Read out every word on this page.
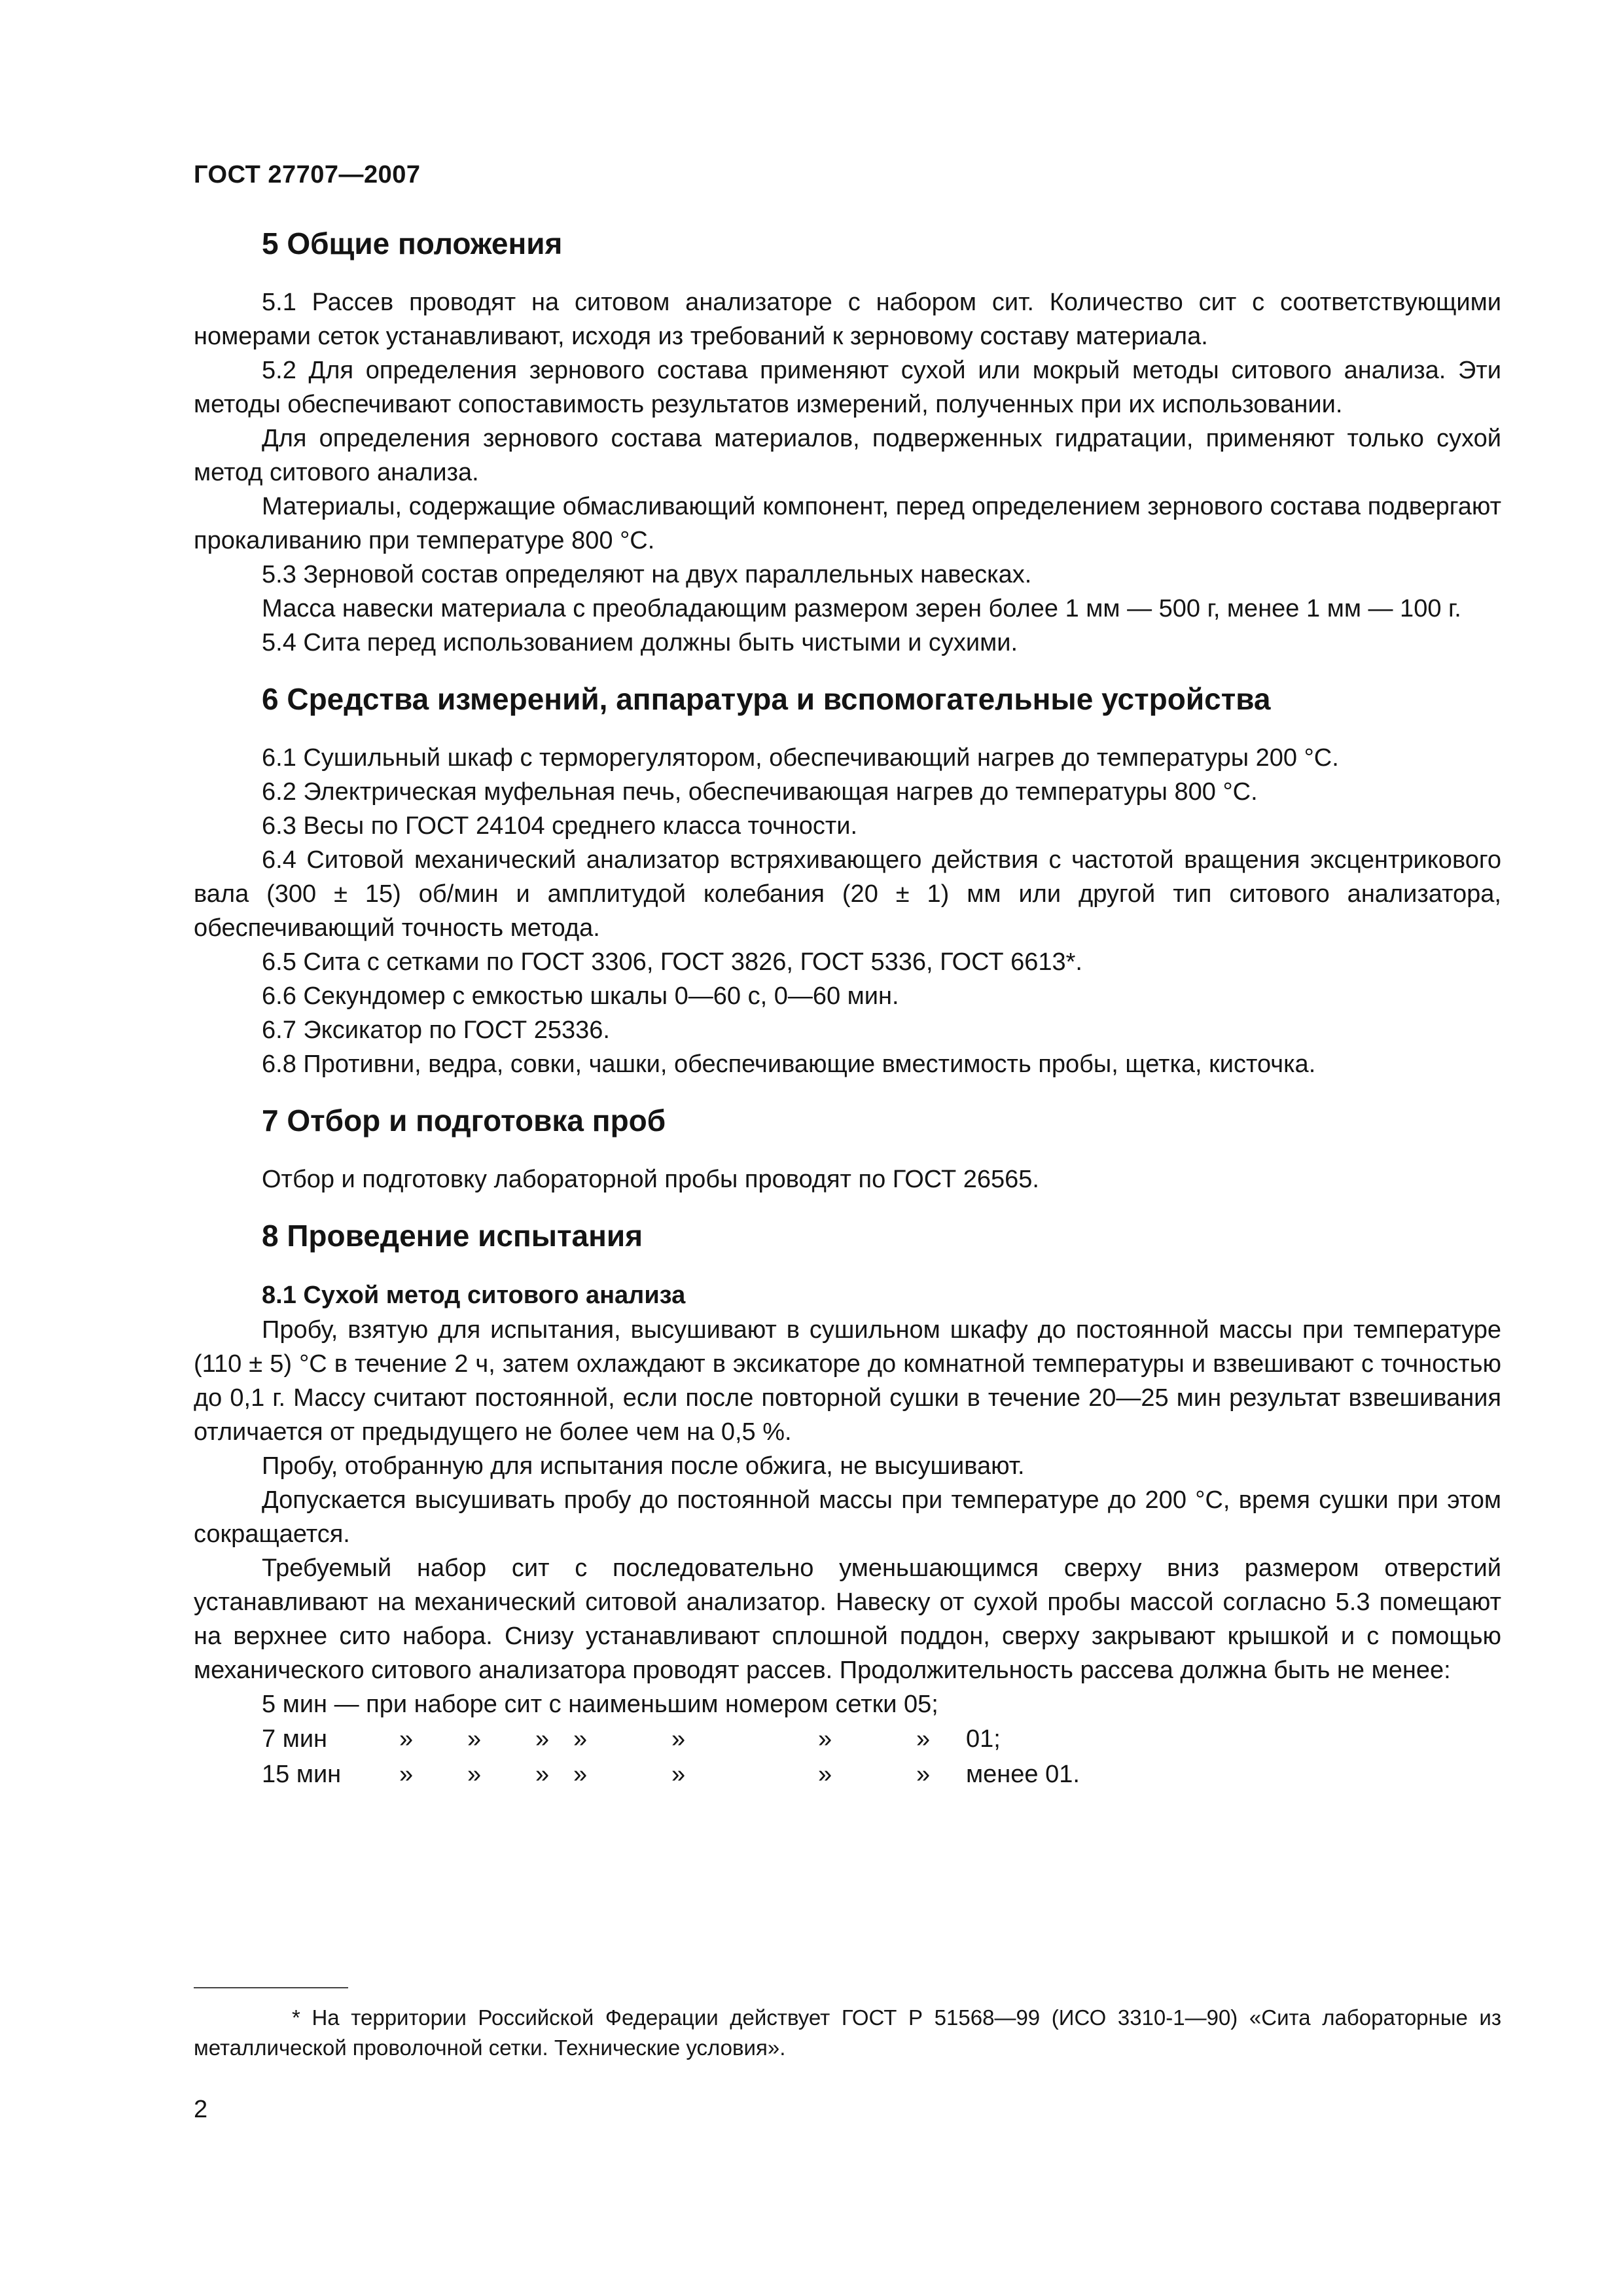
ГОСТ 27707—2007
5 Общие положения

5.1 Рассев проводят на ситовом анализаторе с набором сит. Количество сит с соответствующими номерами сеток устанавливают, исходя из требований к зерновому составу материала.

5.2 Для определения зернового состава применяют сухой или мокрый методы ситового анализа. Эти методы обеспечивают сопоставимость результатов измерений, полученных при их использовании.

Для определения зернового состава материалов, подверженных гидратации, применяют только сухой метод ситового анализа.

Материалы, содержащие обмасливающий компонент, перед определением зернового состава подвергают прокаливанию при температуре 800 °С.

5.3 Зерновой состав определяют на двух параллельных навесках.

Масса навески материала с преобладающим размером зерен более 1 мм — 500 г, менее 1 мм — 100 г.

5.4 Сита перед использованием должны быть чистыми и сухими.

6 Средства измерений, аппаратура и вспомогательные устройства

6.1 Сушильный шкаф с терморегулятором, обеспечивающий нагрев до температуры 200 °С.

6.2 Электрическая муфельная печь, обеспечивающая нагрев до температуры 800 °С.

6.3 Весы по ГОСТ 24104 среднего класса точности.

6.4 Ситовой механический анализатор встряхивающего действия с частотой вращения эксцентрикового вала (300 ± 15) об/мин и амплитудой колебания (20 ± 1) мм или другой тип ситового анализатора, обеспечивающий точность метода.

6.5 Сита с сетками по ГОСТ 3306, ГОСТ 3826, ГОСТ 5336, ГОСТ 6613*.

6.6 Секундомер с емкостью шкалы 0—60 с, 0—60 мин.

6.7 Эксикатор по ГОСТ 25336.

6.8 Противни, ведра, совки, чашки, обеспечивающие вместимость пробы, щетка, кисточка.

7 Отбор и подготовка проб

Отбор и подготовку лабораторной пробы проводят по ГОСТ 26565.

8 Проведение испытания
8.1 Сухой метод ситового анализа

Пробу, взятую для испытания, высушивают в сушильном шкафу до постоянной массы при температуре (110 ± 5) °С в течение 2 ч, затем охлаждают в эксикаторе до комнатной температуры и взвешивают с точностью до 0,1 г. Массу считают постоянной, если после повторной сушки в течение 20—25 мин результат взвешивания отличается от предыдущего не более чем на 0,5 %.

Пробу, отобранную для испытания после обжига, не высушивают.

Допускается высушивать пробу до постоянной массы при температуре до 200 °С, время сушки при этом сокращается.

Требуемый набор сит с последовательно уменьшающимся сверху вниз размером отверстий устанавливают на механический ситовой анализатор. Навеску от сухой пробы массой согласно 5.3 помещают на верхнее сито набора. Снизу устанавливают сплошной поддон, сверху закрывают крышкой и с помощью механического ситового анализатора проводят рассев. Продолжительность рассева должна быть не менее:

5 мин — при наборе сит с наименьшим номером сетки 05;

7 мин	»	»	»	»	»	»	»	01;
15 мин	»	»	»	»	»	»	»	менее 01.
* На территории Российской Федерации действует ГОСТ Р 51568—99 (ИСО 3310-1—90) «Сита лабораторные из металлической проволочной сетки. Технические условия».
2
